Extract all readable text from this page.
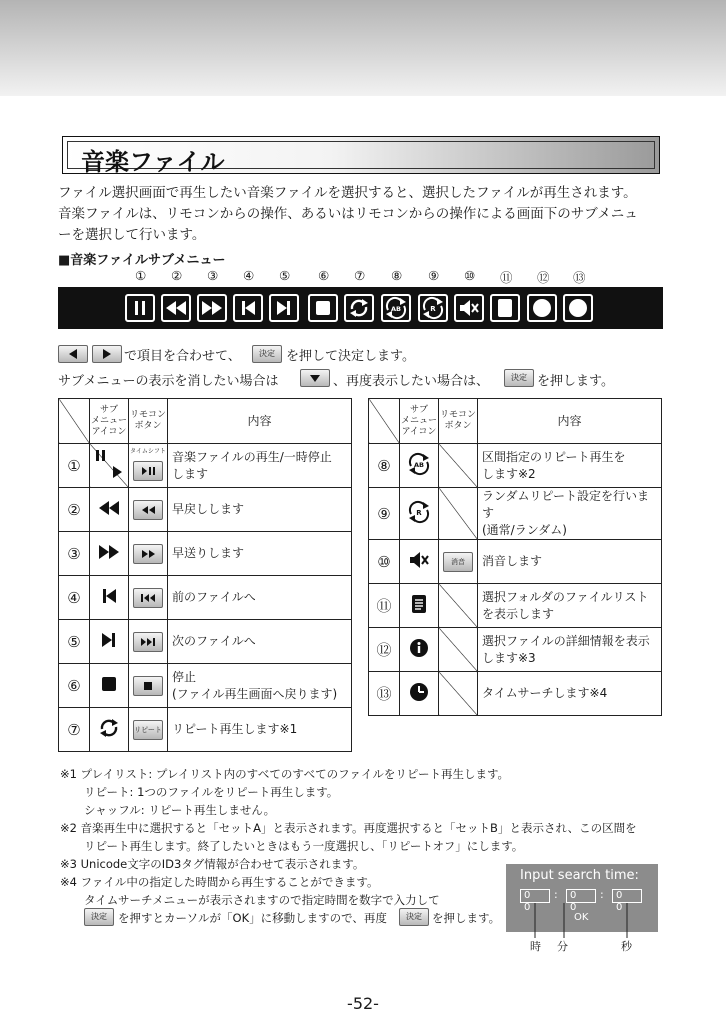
音楽ファイル
ファイル選択画面で再生したい音楽ファイルを選択すると、選択したファイルが再生されます。
音楽ファイルは、リモコンからの操作、あるいはリモコンからの操作による画面下のサブメニュ
ーを選択して行います。
■音楽ファイルサブメニュー
① ② ③ ④ ⑤ ⑥ ⑦ ⑧ ⑨ ⑩ ⑪ ⑫ ⑬
AB	R
で項目を合わせて、	決定 を押して決定します。
サブメニューの表示を消したい場合は	、再度表示したい場合は、	決定 を押します。
	サブ
メニュー
アイコン	リモコン
ボタン	内容
①		タイムシフト	音楽ファイルの再生/一時停止
します
②			早戻しします
③			早送りします
④			前のファイルへ
⑤			次のファイルへ
⑥			停止
(ファイル再生画面へ戻ります)
⑦		リピート	リピート再生します※1
	サブ
メニュー
アイコン	リモコン
ボタン	内容
⑧	AB		区間指定のリピート再生を
します※2
⑨	R		ランダムリピート設定を行います
(通常/ランダム)
⑩		消音	消音します
⑪			選択フォルダのファイルリスト
を表示します
⑫			選択ファイルの詳細情報を表示
します※3
⑬			タイムサーチします※4
※1 プレイリスト: プレイリスト内のすべてのすべてのファイルをリピート再生します。
リピート: 1つのファイルをリピート再生します。
シャッフル: リピート再生しません。
※2 音楽再生中に選択すると「セットA」と表示されます。再度選択すると「セットB」と表示され、この区間を
リピート再生します。終了したいときはもう一度選択し、「リピートオフ」にします。
※3 Unicode文字のID3タグ情報が合わせて表示されます。
※4 ファイル中の指定した時間から再生することができます。
タイムサーチメニューが表示されますので指定時間を数字で入力して
決定 を押すとカーソルが「OK」に移動しますので、再度	決定 を押します。
Input search time:
0 0
:	0 0
:	0 0
OK
時 分	秒
-52-
